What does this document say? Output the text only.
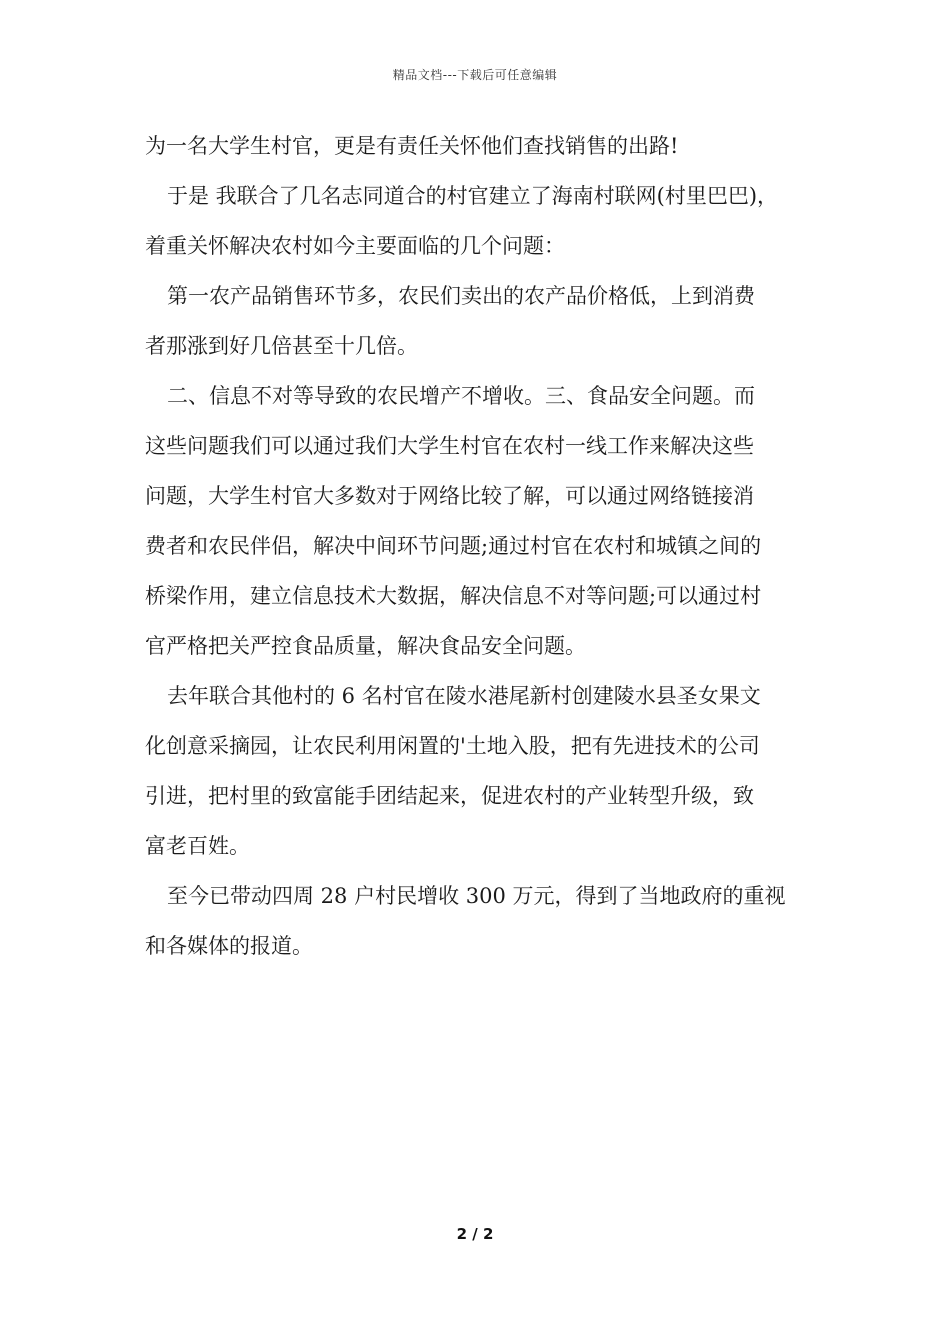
精品文档---下载后可任意编辑
为一名大学生村官，更是有责任关怀他们查找销售的出路!
于是 我联合了几名志同道合的村官建立了海南村联网(村里巴巴)，
着重关怀解决农村如今主要面临的几个问题：
第一农产品销售环节多，农民们卖出的农产品价格低，上到消费
者那涨到好几倍甚至十几倍。
二、信息不对等导致的农民增产不增收。三、食品安全问题。而
这些问题我们可以通过我们大学生村官在农村一线工作来解决这些
问题，大学生村官大多数对于网络比较了解，可以通过网络链接消
费者和农民伴侣，解决中间环节问题;通过村官在农村和城镇之间的
桥梁作用，建立信息技术大数据，解决信息不对等问题;可以通过村
官严格把关严控食品质量，解决食品安全问题。
去年联合其他村的 6 名村官在陵水港尾新村创建陵水县圣女果文
化创意采摘园，让农民利用闲置的'土地入股，把有先进技术的公司
引进，把村里的致富能手团结起来，促进农村的产业转型升级，致
富老百姓。
至今已带动四周 28 户村民增收 300 万元，得到了当地政府的重视
和各媒体的报道。
2 / 2
